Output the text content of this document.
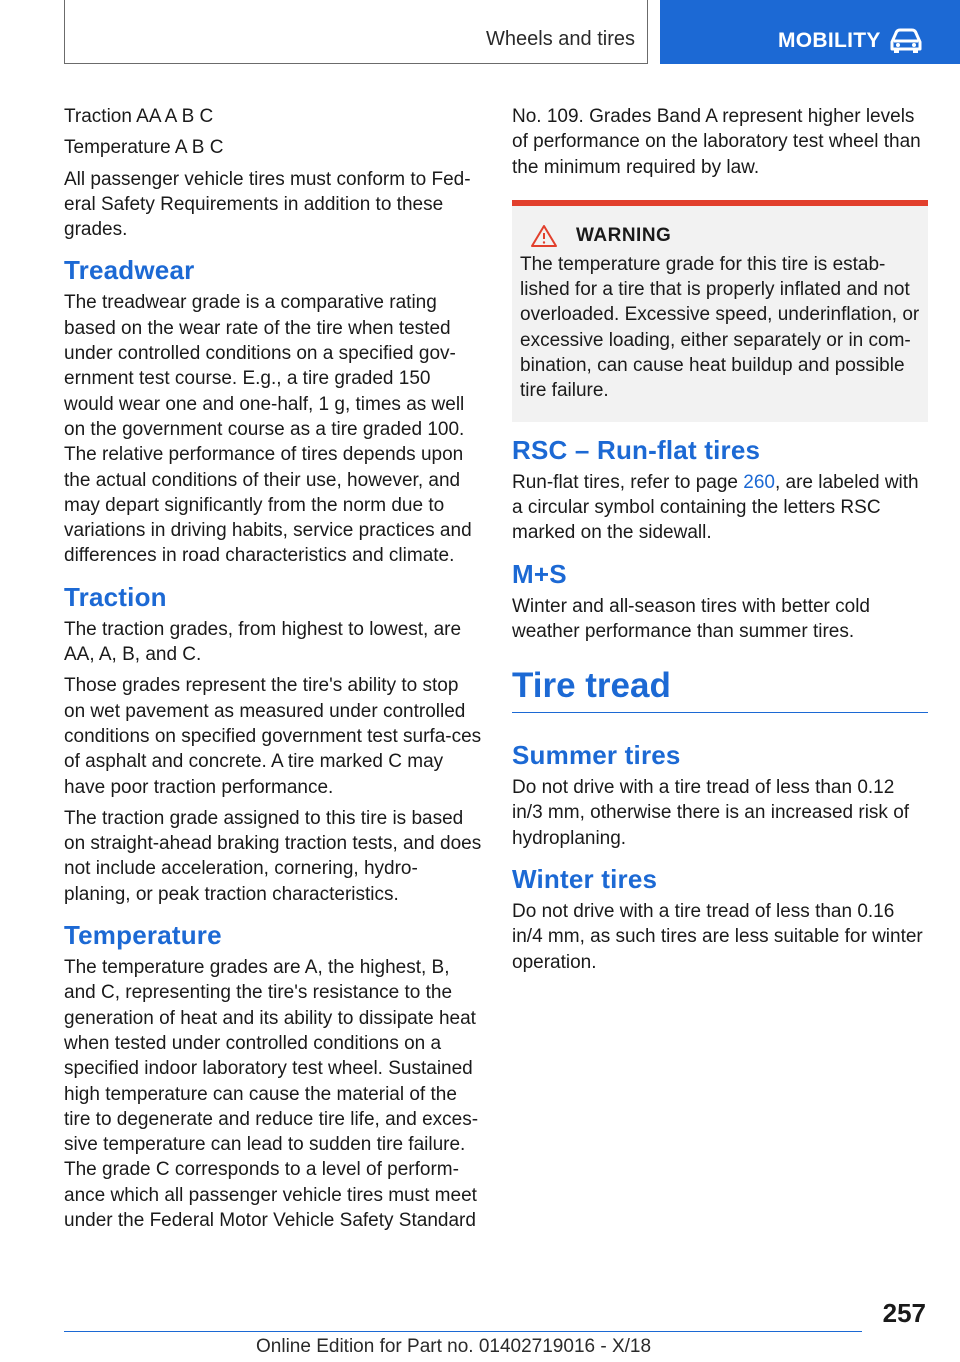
Wheels and tires	MOBILITY

Traction AA A B C

Temperature A B C

All passenger vehicle tires must conform to Fed-eral Safety Requirements in addition to these grades.

Treadwear

The treadwear grade is a comparative rating based on the wear rate of the tire when tested under controlled conditions on a specified gov-ernment test course. E.g., a tire graded 150 would wear one and one-half, 1 g, times as well on the government course as a tire graded 100. The relative performance of tires depends upon the actual conditions of their use, however, and may depart significantly from the norm due to variations in driving habits, service practices and differences in road characteristics and climate.

Traction

The traction grades, from highest to lowest, are AA, A, B, and C.

Those grades represent the tire's ability to stop on wet pavement as measured under controlled conditions on specified government test surfa-ces of asphalt and concrete. A tire marked C may have poor traction performance.

The traction grade assigned to this tire is based on straight-ahead braking traction tests, and does not include acceleration, cornering, hydro-planing, or peak traction characteristics.

Temperature

The temperature grades are A, the highest, B, and C, representing the tire's resistance to the generation of heat and its ability to dissipate heat when tested under controlled conditions on a specified indoor laboratory test wheel. Sustained high temperature can cause the material of the tire to degenerate and reduce tire life, and exces-sive temperature can lead to sudden tire failure. The grade C corresponds to a level of perform-ance which all passenger vehicle tires must meet under the Federal Motor Vehicle Safety Standard

No. 109. Grades Band A represent higher levels of performance on the laboratory test wheel than the minimum required by law.

WARNING

The temperature grade for this tire is estab-lished for a tire that is properly inflated and not overloaded. Excessive speed, underinflation, or excessive loading, either separately or in com-bination, can cause heat buildup and possible tire failure.

RSC – Run-flat tires

Run-flat tires, refer to page 260, are labeled with a circular symbol containing the letters RSC marked on the sidewall.

M+S

Winter and all-season tires with better cold weather performance than summer tires.

Tire tread
Summer tires

Do not drive with a tire tread of less than 0.12 in/3 mm, otherwise there is an increased risk of hydroplaning.

Winter tires

Do not drive with a tire tread of less than 0.16 in/4 mm, as such tires are less suitable for winter operation.

257
Online Edition for Part no. 01402719016 - X/18
